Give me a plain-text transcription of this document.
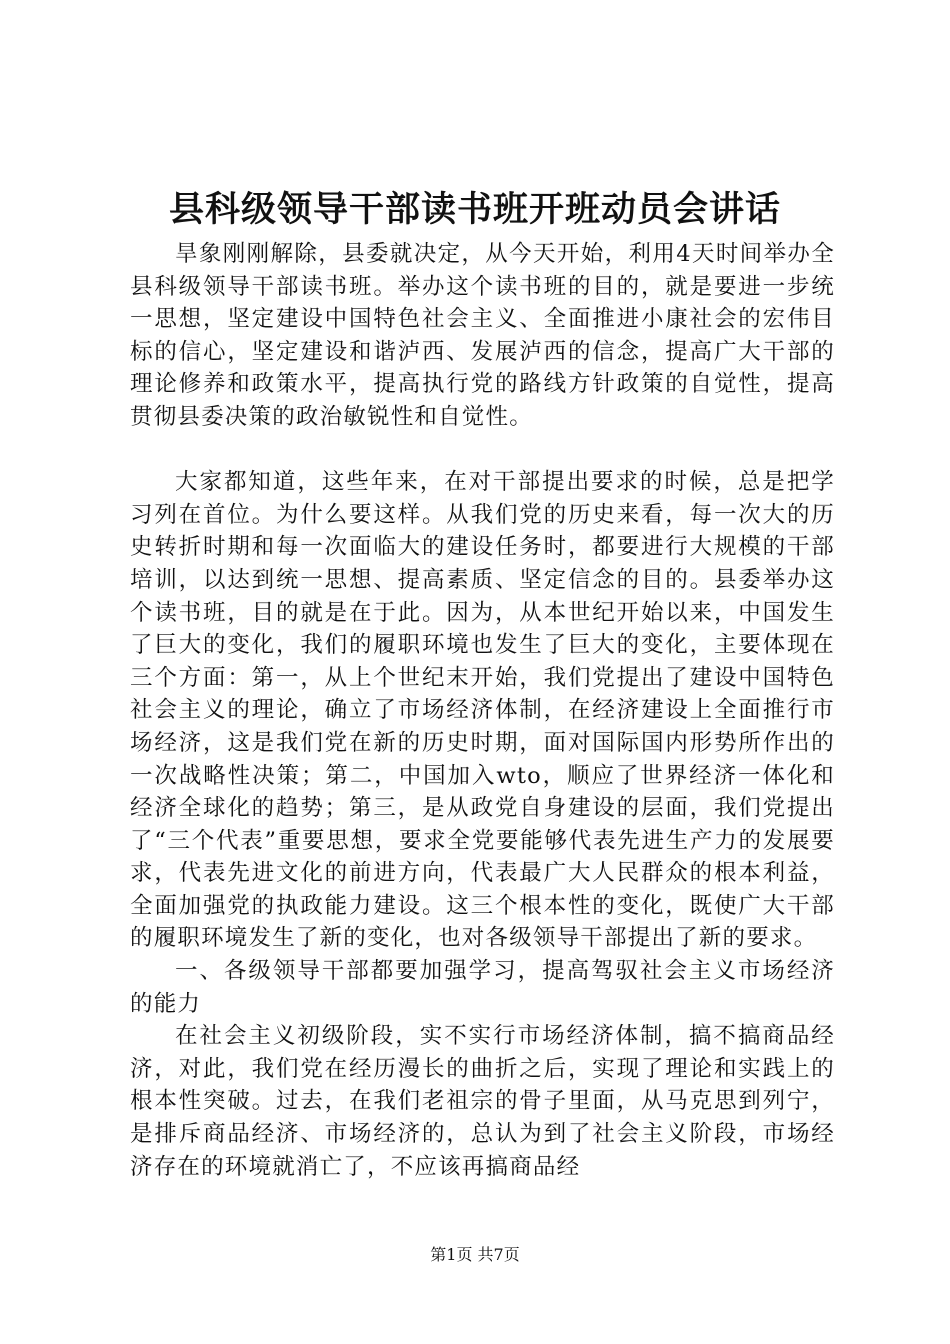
县科级领导干部读书班开班动员会讲话

旱象刚刚解除，县委就决定，从今天开始，利用4天时间举办全县科级领导干部读书班。举办这个读书班的目的，就是要进一步统一思想，坚定建设中国特色社会主义、全面推进小康社会的宏伟目标的信心，坚定建设和谐泸西、发展泸西的信念，提高广大干部的理论修养和政策水平，提高执行党的路线方针政策的自觉性，提高贯彻县委决策的政治敏锐性和自觉性。

大家都知道，这些年来，在对干部提出要求的时候，总是把学习列在首位。为什么要这样。从我们党的历史来看，每一次大的历史转折时期和每一次面临大的建设任务时，都要进行大规模的干部培训，以达到统一思想、提高素质、坚定信念的目的。县委举办这个读书班，目的就是在于此。因为，从本世纪开始以来，中国发生了巨大的变化，我们的履职环境也发生了巨大的变化，主要体现在三个方面：第一，从上个世纪末开始，我们党提出了建设中国特色社会主义的理论，确立了市场经济体制，在经济建设上全面推行市场经济，这是我们党在新的历史时期，面对国际国内形势所作出的一次战略性决策；第二，中国加入wto，顺应了世界经济一体化和经济全球化的趋势；第三，是从政党自身建设的层面，我们党提出了“三个代表”重要思想，要求全党要能够代表先进生产力的发展要求，代表先进文化的前进方向，代表最广大人民群众的根本利益，全面加强党的执政能力建设。这三个根本性的变化，既使广大干部的履职环境发生了新的变化，也对各级领导干部提出了新的要求。

一、各级领导干部都要加强学习，提高驾驭社会主义市场经济的能力

在社会主义初级阶段，实不实行市场经济体制，搞不搞商品经济，对此，我们党在经历漫长的曲折之后，实现了理论和实践上的根本性突破。过去，在我们老祖宗的骨子里面，从马克思到列宁，是排斥商品经济、市场经济的，总认为到了社会主义阶段，市场经济存在的环境就消亡了，不应该再搞商品经

第1页 共7页
